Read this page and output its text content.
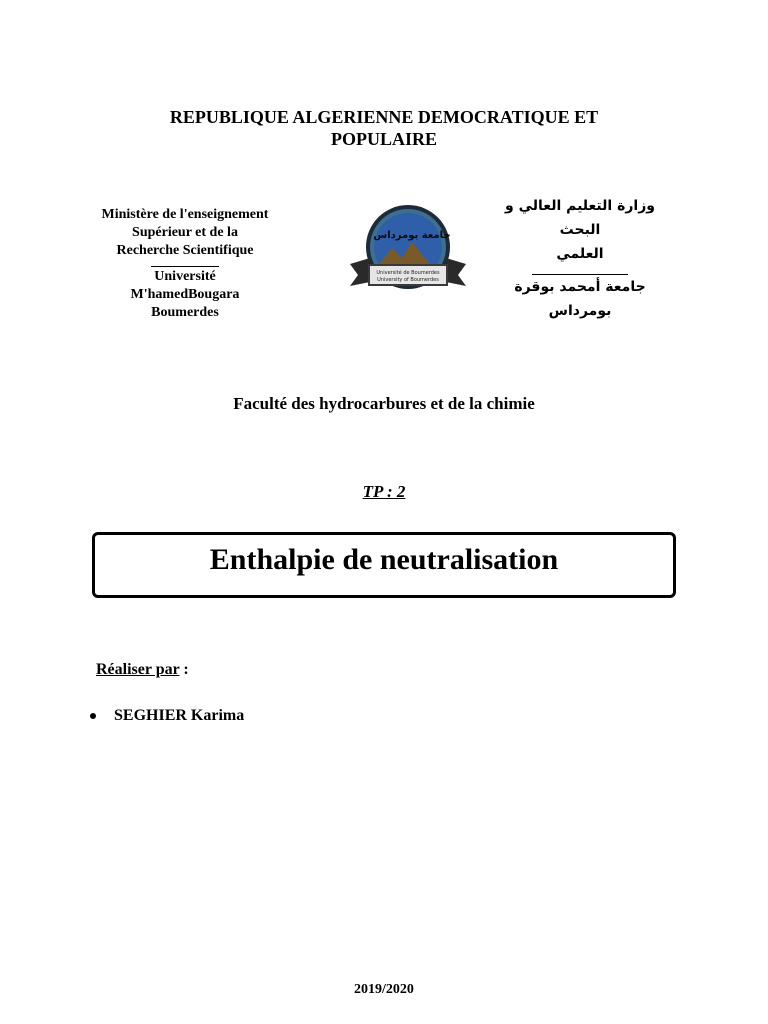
REPUBLIQUE ALGERIENNE DEMOCRATIQUE ET
POPULAIRE
Ministère de l'enseignement
Supérieur et de la
Recherche Scientifique
Université M'hamedBougara
Boumerdes
جامعة بومرداس
Université de Boumerdes
University of Boumerdes
وزارة التعليم العالي و البحث
العلمي
جامعة أمحمد بوقرة
بومرداس
Faculté des hydrocarbures et de la chimie
TP : 2
Enthalpie de neutralisation
Réaliser par :
SEGHIER Karima
2019/2020
